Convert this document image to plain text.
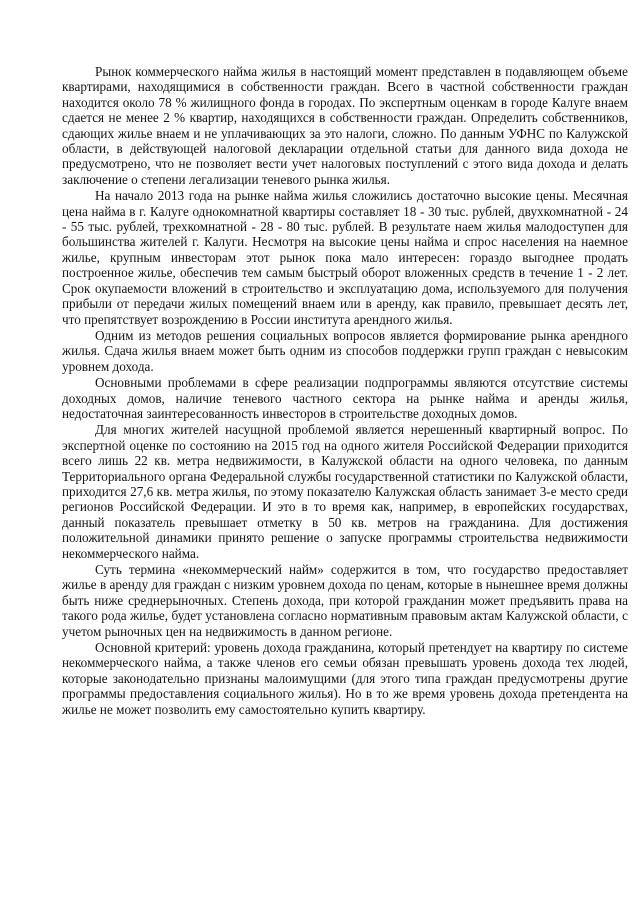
Рынок коммерческого найма жилья в настоящий момент представлен в подавляющем объеме квартирами, находящимися в собственности граждан. Всего в частной собственности граждан находится около 78 % жилищного фонда в городах. По экспертным оценкам в городе Калуге внаем сдается не менее 2 % квартир, находящихся в собственности граждан. Определить собственников, сдающих жилье внаем и не уплачивающих за это налоги, сложно. По данным УФНС по Калужской области, в действующей налоговой декларации отдельной статьи для данного вида дохода не предусмотрено, что не позволяет вести учет налоговых поступлений с этого вида дохода и делать заключение о степени легализации теневого рынка жилья.

На начало 2013 года на рынке найма жилья сложились достаточно высокие цены. Месячная цена найма в г. Калуге однокомнатной квартиры составляет 18 - 30 тыс. рублей, двухкомнатной - 24 - 55 тыс. рублей, трехкомнатной - 28 - 80 тыс. рублей. В результате наем жилья малодоступен для большинства жителей г. Калуги. Несмотря на высокие цены найма и спрос населения на наемное жилье, крупным инвесторам этот рынок пока мало интересен: гораздо выгоднее продать построенное жилье, обеспечив тем самым быстрый оборот вложенных средств в течение 1 - 2 лет. Срок окупаемости вложений в строительство и эксплуатацию дома, используемого для получения прибыли от передачи жилых помещений внаем или в аренду, как правило, превышает десять лет, что препятствует возрождению в России института арендного жилья.

Одним из методов решения социальных вопросов является формирование рынка арендного жилья. Сдача жилья внаем может быть одним из способов поддержки групп граждан с невысоким уровнем дохода.

Основными проблемами в сфере реализации подпрограммы являются отсутствие системы доходных домов, наличие теневого частного сектора на рынке найма и аренды жилья, недостаточная заинтересованность инвесторов в строительстве доходных домов.

Для многих жителей насущной проблемой является нерешенный квартирный вопрос. По экспертной оценке по состоянию на 2015 год на одного жителя Российской Федерации приходится всего лишь 22 кв. метра недвижимости, в Калужской области на одного человека, по данным Территориального органа Федеральной службы государственной статистики по Калужской области, приходится 27,6 кв. метра жилья, по этому показателю Калужская область занимает 3-е место среди регионов Российской Федерации. И это в то время как, например, в европейских государствах, данный показатель превышает отметку в 50 кв. метров на гражданина. Для достижения положительной динамики принято решение о запуске программы строительства недвижимости некоммерческого найма.

Суть термина «некоммерческий найм» содержится в том, что государство предоставляет жилье в аренду для граждан с низким уровнем дохода по ценам, которые в нынешнее время должны быть ниже среднерыночных. Степень дохода, при которой гражданин может предъявить права на такого рода жилье, будет установлена согласно нормативным правовым актам Калужской области, с учетом рыночных цен на недвижимость в данном регионе.

Основной критерий: уровень дохода гражданина, который претендует на квартиру по системе некоммерческого найма, а также членов его семьи обязан превышать уровень дохода тех людей, которые законодательно признаны малоимущими (для этого типа граждан предусмотрены другие программы предоставления социального жилья). Но в то же время уровень дохода претендента на жилье не может позволить ему самостоятельно купить квартиру.
